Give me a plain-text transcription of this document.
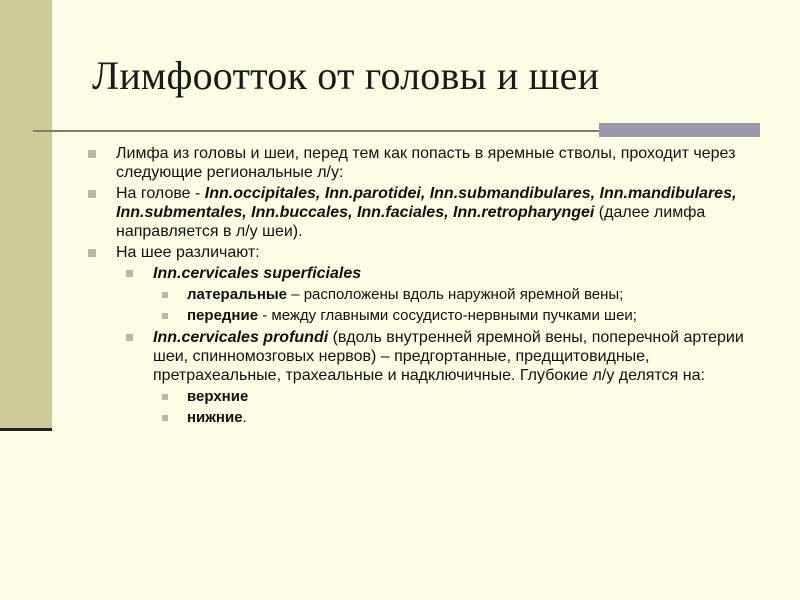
Лимфоотток от головы и шеи
Лимфа из головы и шеи, перед тем как попасть в яремные стволы, проходит через следующие региональные л/у:
На голове - Inn.occipitales, Inn.parotidei, Inn.submandibulares, Inn.mandibulares, Inn.submentales, Inn.buccales, Inn.faciales, Inn.retropharyngei (далее лимфа направляется в л/у шеи).
На шее различают:
Inn.cervicales superficiales
латеральные – расположены вдоль наружной яремной вены;
передние - между главными сосудисто-нервными пучками шеи;
Inn.cervicales profundi (вдоль внутренней яремной вены, поперечной артерии шеи, спинномозговых нервов) – предгортанные, предщитовидные, претрахеальные, трахеальные и надключичные. Глубокие л/у делятся на:
верхние
нижние.
